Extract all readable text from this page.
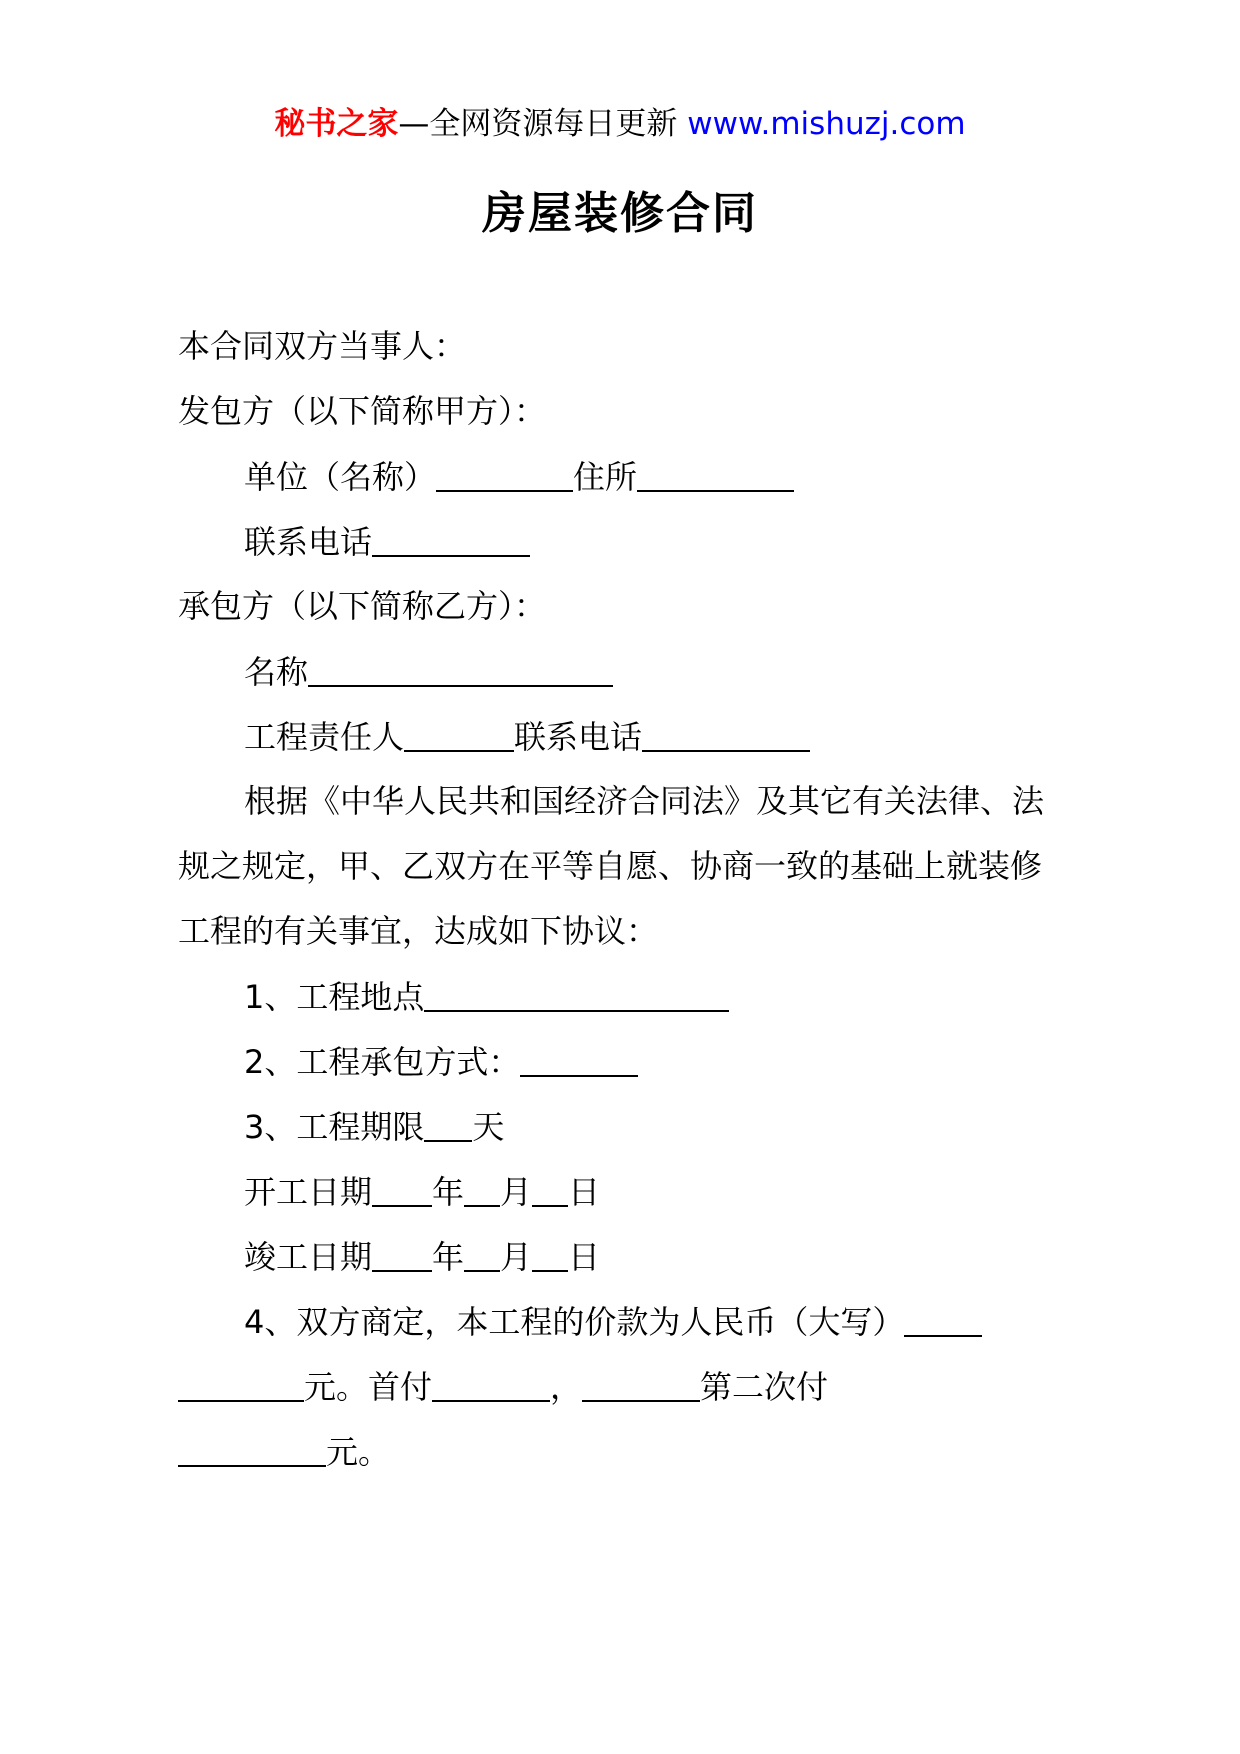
秘书之家—全网资源每日更新 www.mishuzj.com
房屋装修合同
本合同双方当事人：
发包方（以下简称甲方）：
单位（名称）	住所
联系电话
承包方（以下简称乙方）：
名称
工程责任人	联系电话
根据《中华人民共和国经济合同法》及其它有关法律、法规之规定，甲、乙双方在平等自愿、协商一致的基础上就装修工程的有关事宜，达成如下协议：
1、工程地点
2、工程承包方式：
3、工程期限 天
开工日期 年 月 日
竣工日期 年 月 日
4、双方商定，本工程的价款为人民币（大写）
元。首付	，	第二次付
元。
